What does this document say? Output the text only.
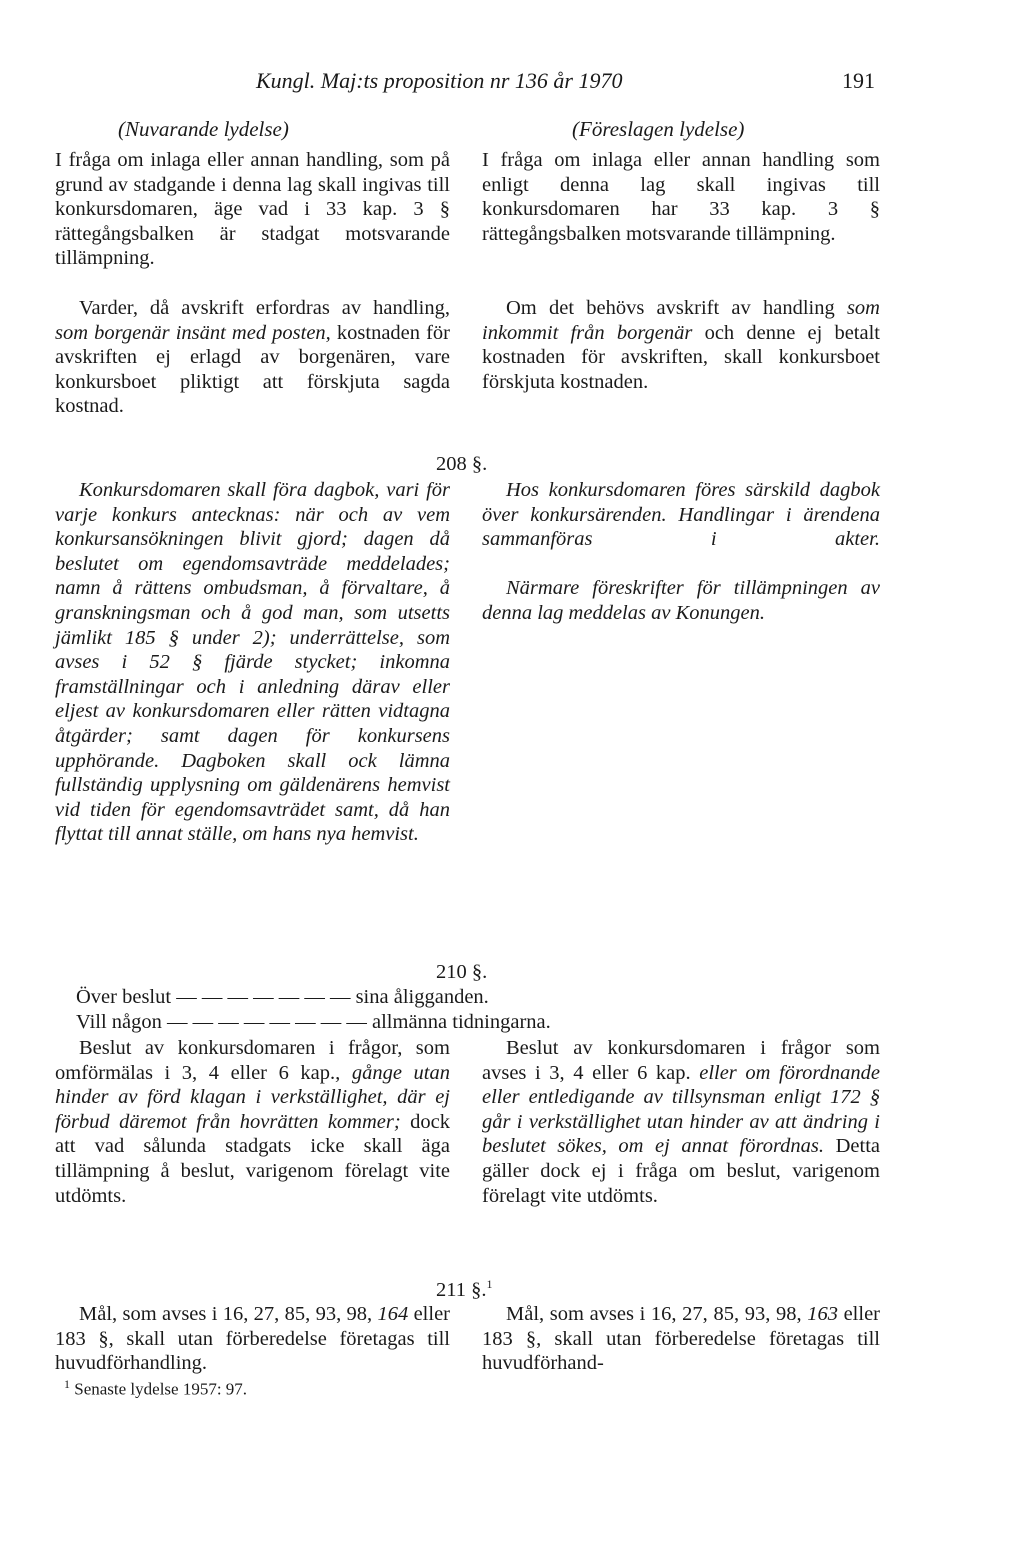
Kungl. Maj:ts proposition nr 136 år 1970	191
(Nuvarande lydelse)	(Föreslagen lydelse)

I fråga om inlaga eller annan handling, som på grund av stadgande i denna lag skall ingivas till konkursdomaren, äge vad i 33 kap. 3 § rättegångsbalken är stadgat motsvarande tillämpning.

Varder, då avskrift erfordras av handling, som borgenär insänt med posten, kostnaden för avskriften ej erlagd av borgenären, vare konkursboet pliktigt att förskjuta sagda kostnad.

I fråga om inlaga eller annan handling som enligt denna lag skall ingivas till konkursdomaren har 33 kap. 3 § rättegångsbalken motsvarande tillämpning.

Om det behövs avskrift av handling som inkommit från borgenär och denne ej betalt kostnaden för avskriften, skall konkursboet förskjuta kostnaden.

208 §.

Konkursdomaren skall föra dagbok, vari för varje konkurs antecknas: när och av vem konkursansökningen blivit gjord; dagen då beslutet om egendomsavträde meddelades; namn å rättens ombudsman, å förvaltare, å granskningsman och å god man, som utsetts jämlikt 185 § under 2); underrättelse, som avses i 52 § fjärde stycket; inkomna framställningar och i anledning därav eller eljest av konkursdomaren eller rätten vidtagna åtgärder; samt dagen för konkursens upphörande. Dagboken skall ock lämna fullständig upplysning om gäldenärens hemvist vid tiden för egendomsavträdet samt, då han flyttat till annat ställe, om hans nya hemvist.

Hos konkursdomaren föres särskild dagbok över konkursärenden. Handlingar i ärendena sammanföras i akter.

Närmare föreskrifter för tillämpningen av denna lag meddelas av Konungen.

210 §.
Över beslut — — — — — — — sina åligganden.
Vill någon — — — — — — — — allmänna tidningarna.

Beslut av konkursdomaren i frågor, som omförmälas i 3, 4 eller 6 kap., gånge utan hinder av förd klagan i verkställighet, där ej förbud däremot från hovrätten kommer; dock att vad sålunda stadgats icke skall äga tillämpning å beslut, varigenom förelagt vite utdömts.

Beslut av konkursdomaren i frågor som avses i 3, 4 eller 6 kap. eller om förordnande eller entledigande av tillsynsman enligt 172 § går i verkställighet utan hinder av att ändring i beslutet sökes, om ej annat förordnas. Detta gäller dock ej i fråga om beslut, varigenom förelagt vite utdömts.

211 §.$^1$

Mål, som avses i 16, 27, 85, 93, 98, 164 eller 183 §, skall utan förberedelse företagas till huvudförhandling.

Mål, som avses i 16, 27, 85, 93, 98, 163 eller 183 §, skall utan förberedelse företagas till huvudförhand-

$^1$ Senaste lydelse 1957: 97.
